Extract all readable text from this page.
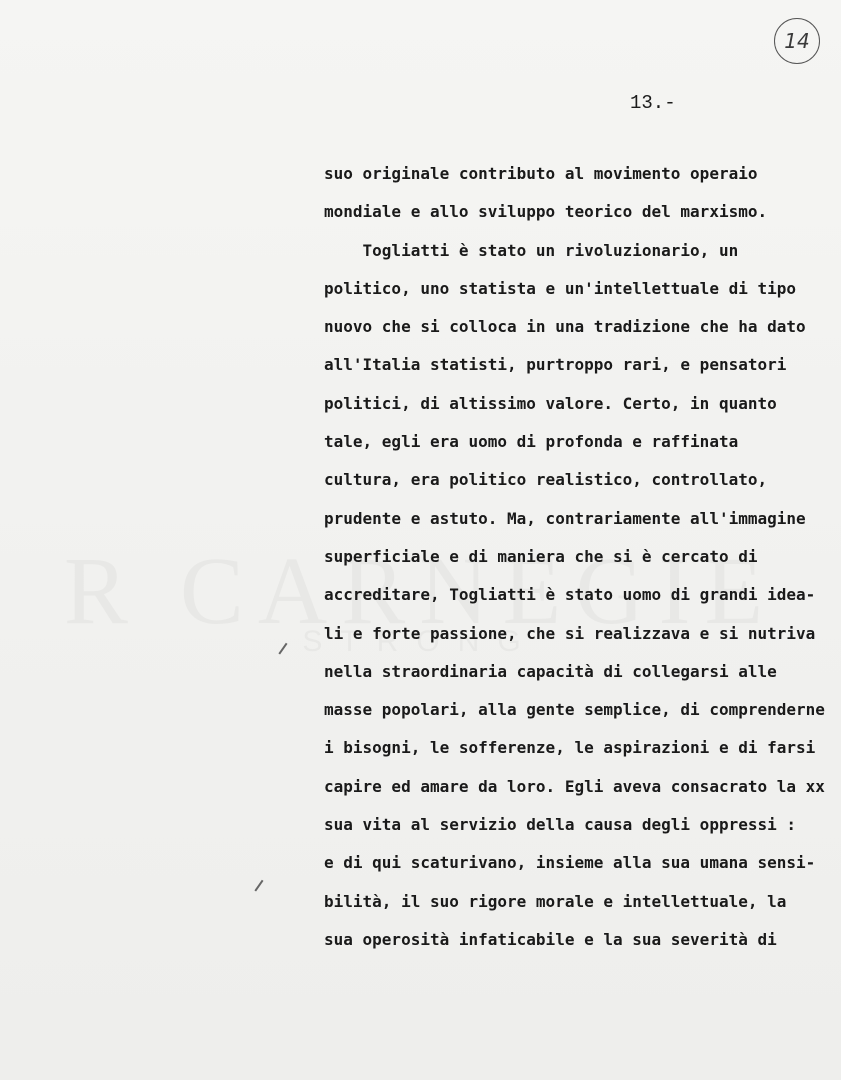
14
13.-
suo originale contributo al movimento operaio
mondiale e allo sviluppo teorico del marxismo.
Togliatti è stato un rivoluzionario, un
politico, uno statista e un'intellettuale di tipo
nuovo che si colloca in una tradizione che ha dato
all'Italia statisti, purtroppo rari, e pensatori
politici, di altissimo valore. Certo, in quanto
tale, egli era uomo di profonda e raffinata
cultura, era politico realistico, controllato,
prudente e astuto. Ma, contrariamente all'immagine
superficiale e di maniera che si è cercato di
accreditare, Togliatti è stato uomo di grandi idea-
li e forte passione, che si realizzava e si nutriva
nella straordinaria capacità di collegarsi alle
masse popolari, alla gente semplice, di comprenderne
i bisogni, le sofferenze, le aspirazioni e di farsi
capire ed amare da loro. Egli aveva consacrato la xx
sua vita al servizio della causa degli oppressi :
e di qui scaturivano, insieme alla sua umana sensi-
bilità, il suo rigore morale e intellettuale, la
sua operosità infaticabile e la sua severità di
